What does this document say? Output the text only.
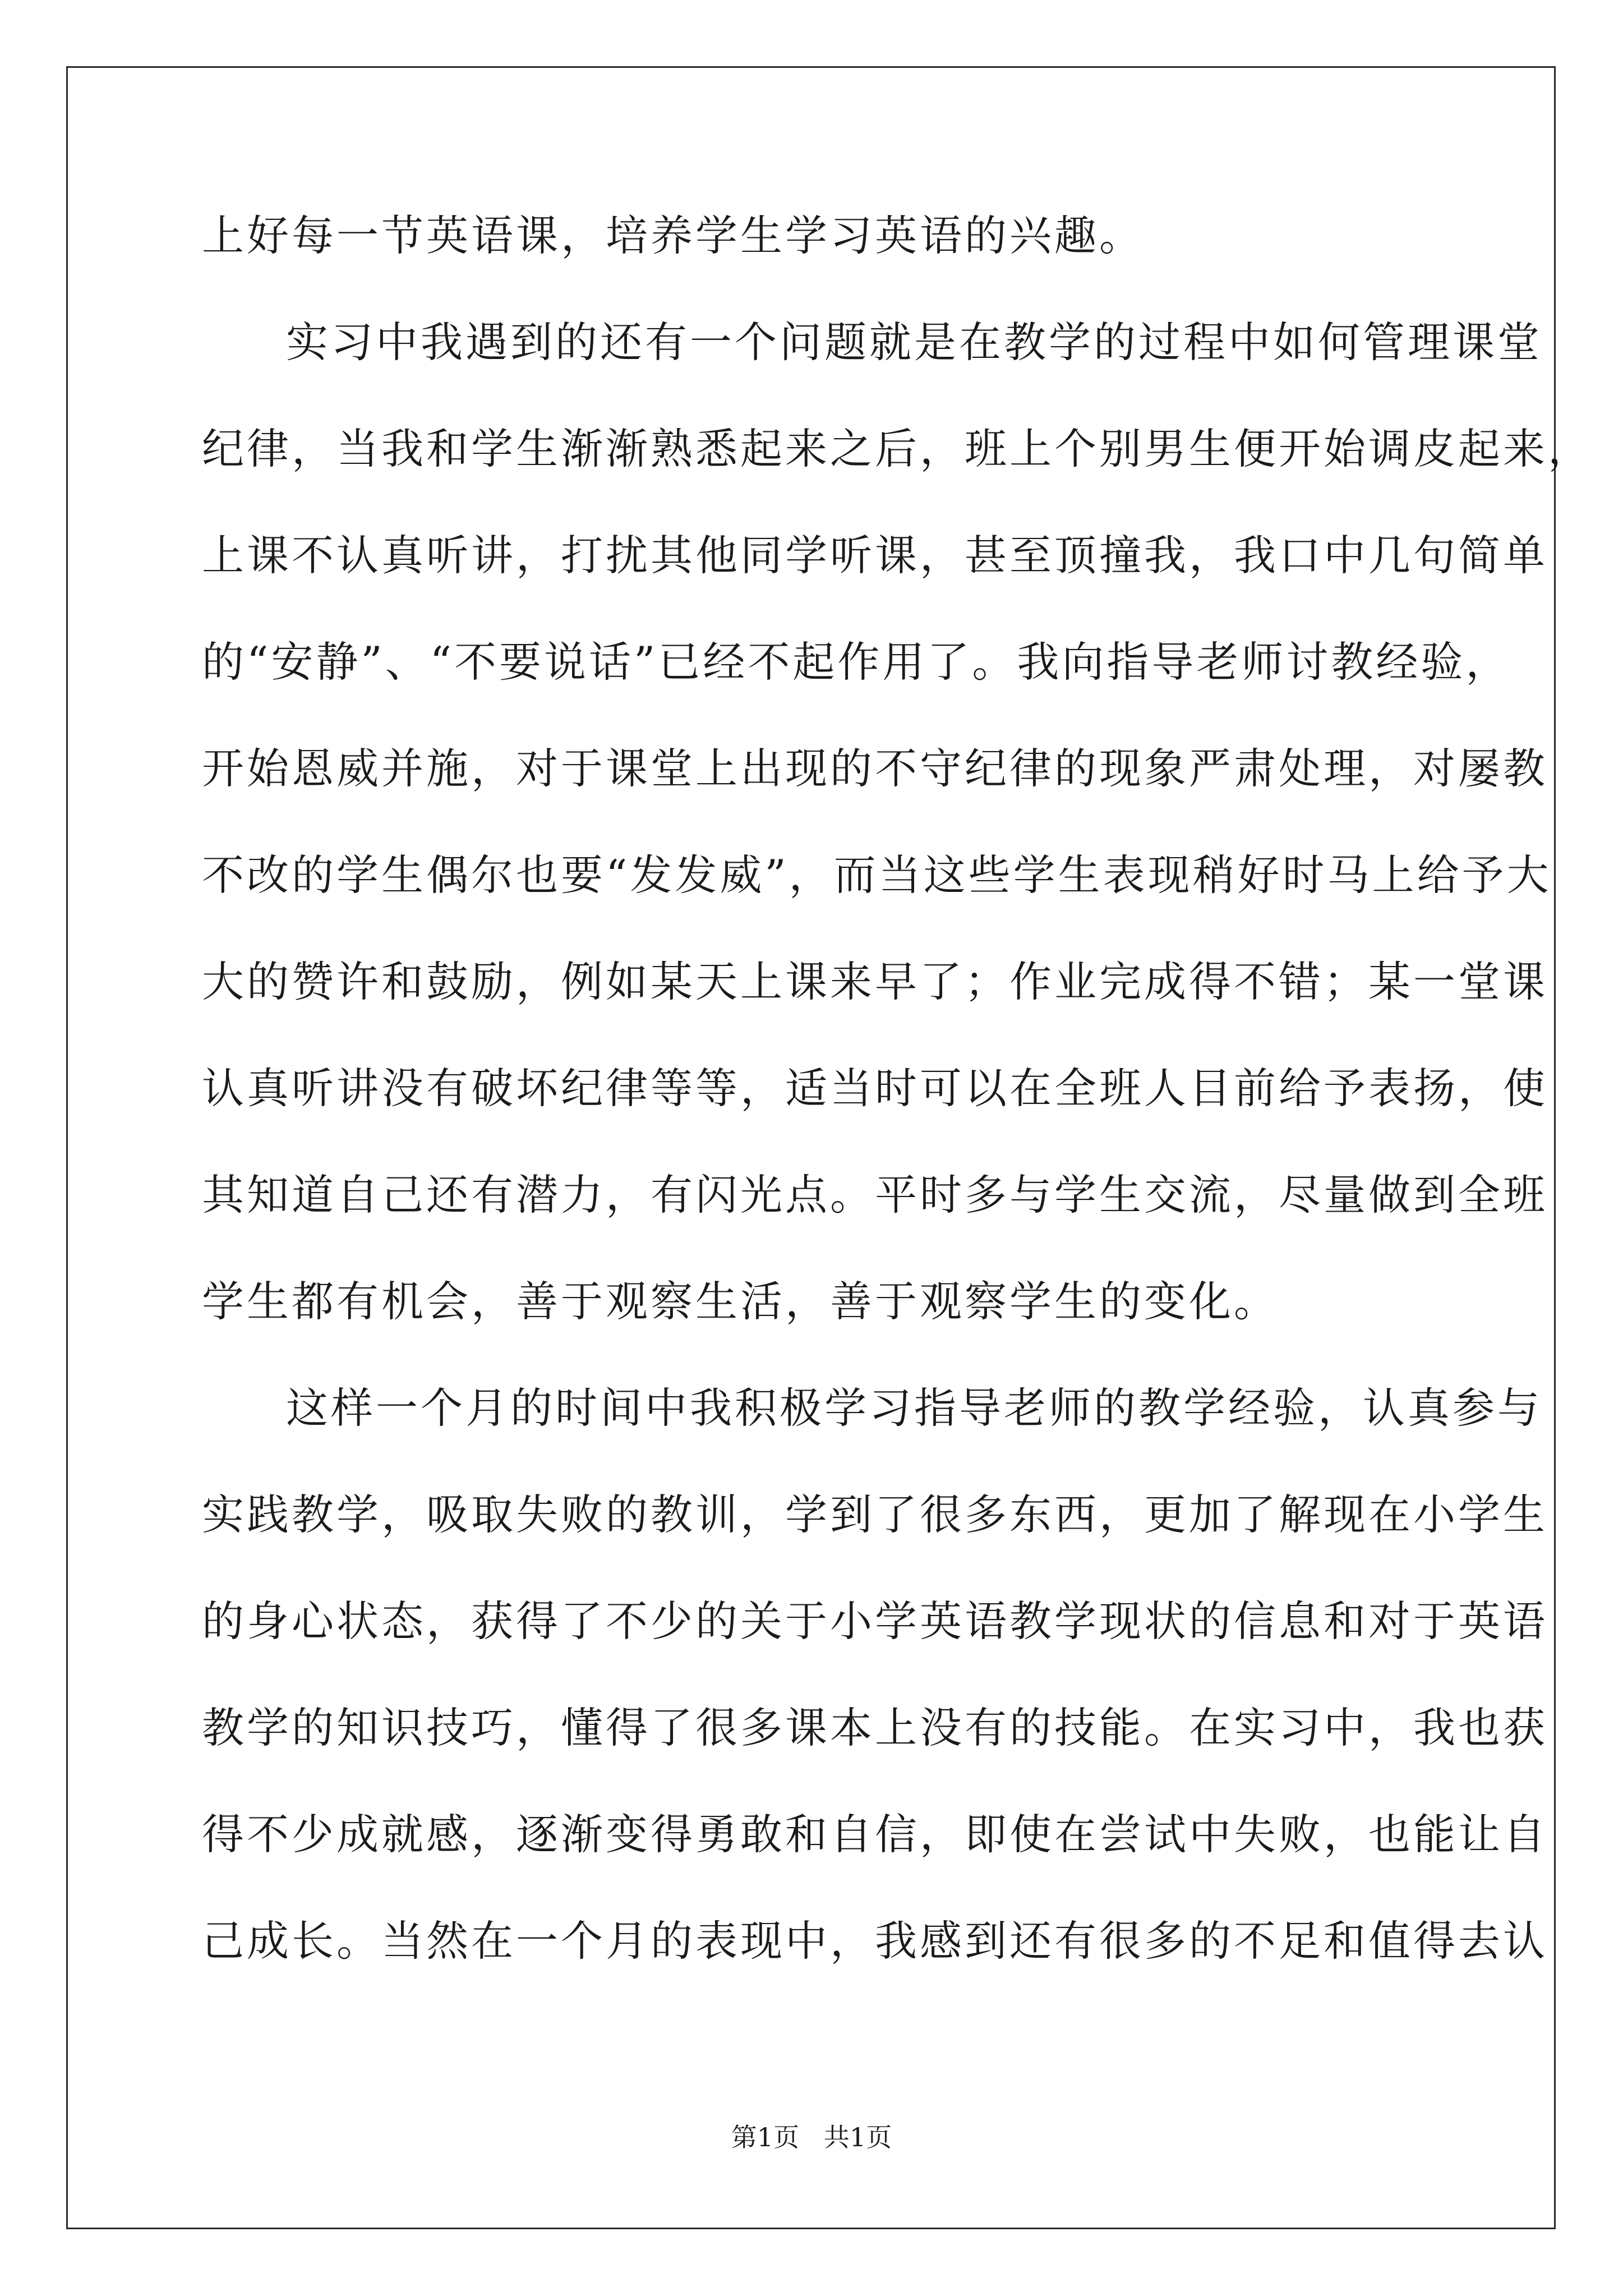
上好每一节英语课，培养学生学习英语的兴趣。
实习中我遇到的还有一个问题就是在教学的过程中如何管理课堂
纪律，当我和学生渐渐熟悉起来之后，班上个别男生便开始调皮起来，
上课不认真听讲，打扰其他同学听课，甚至顶撞我，我口中几句简单
的“安静”、“不要说话”已经不起作用了。我向指导老师讨教经验，
开始恩威并施，对于课堂上出现的不守纪律的现象严肃处理，对屡教
不改的学生偶尔也要“发发威”，而当这些学生表现稍好时马上给予大
大的赞许和鼓励，例如某天上课来早了；作业完成得不错；某一堂课
认真听讲没有破坏纪律等等，适当时可以在全班人目前给予表扬，使
其知道自己还有潜力，有闪光点。平时多与学生交流，尽量做到全班
学生都有机会，善于观察生活，善于观察学生的变化。
这样一个月的时间中我积极学习指导老师的教学经验，认真参与
实践教学，吸取失败的教训，学到了很多东西，更加了解现在小学生
的身心状态，获得了不少的关于小学英语教学现状的信息和对于英语
教学的知识技巧，懂得了很多课本上没有的技能。在实习中，我也获
得不少成就感，逐渐变得勇敢和自信，即使在尝试中失败，也能让自
己成长。当然在一个月的表现中，我感到还有很多的不足和值得去认
第1页   共1页
